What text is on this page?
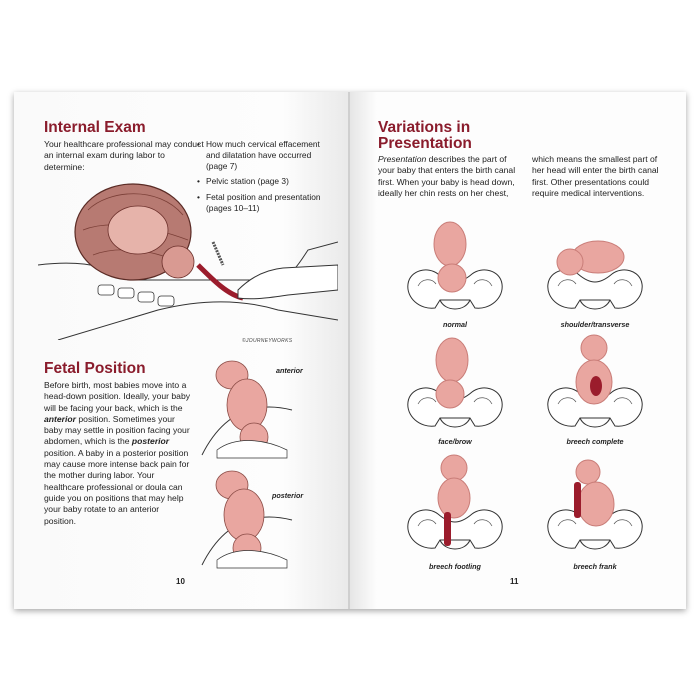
Internal Exam
Your healthcare professional may conduct an internal exam during labor to determine:
• How much cervical effacement and dilatation have occurred (page 7)
• Pelvic station (page 3)
• Fetal position and presentation (pages 10–11)
©JOURNEYWORKS
Fetal Position
Before birth, most babies move into a head-down position. Ideally, your baby will be facing your back, which is the anterior position. Sometimes your baby may settle in position facing your abdomen, which is the posterior position. A baby in a posterior position may cause more intense back pain for the mother during labor. Your healthcare professional or doula can guide you on positions that may help your baby rotate to an anterior position.
anterior
posterior
10
Variations in
Presentation
Presentation describes the part of your baby that enters the birth canal first. When your baby is head down, ideally her chin rests on her chest,
which means the smallest part of her head will enter the birth canal first. Other presentations could require medical interventions.
normal	shoulder/transverse
face/brow	breech complete
breech footling	breech frank
11
